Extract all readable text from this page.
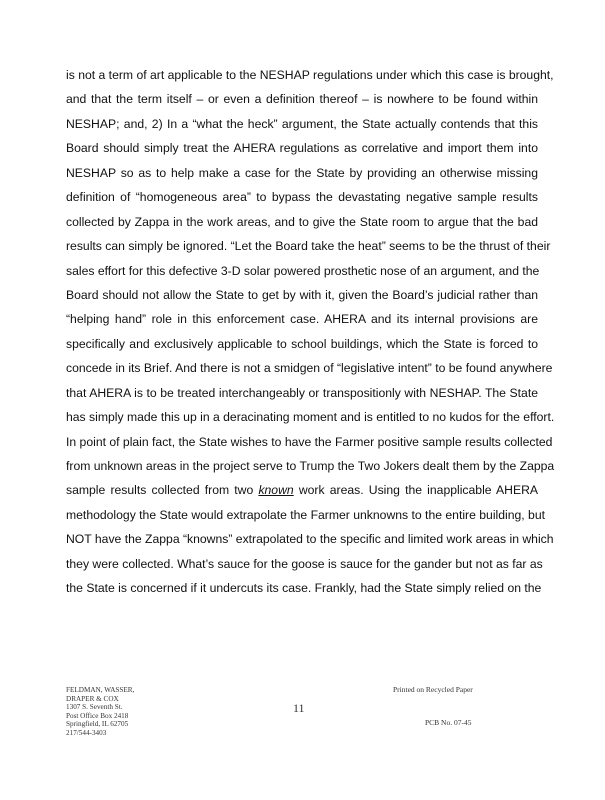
is not a term of art applicable to the NESHAP regulations under which this case is brought,
and that the term itself – or even a definition thereof – is nowhere to be found within
NESHAP; and, 2) In a “what the heck” argument, the State actually contends that this
Board should simply treat the AHERA regulations as correlative and import them into
NESHAP so as to help make a case for the State by providing an otherwise missing
definition of “homogeneous area” to bypass the devastating negative sample results
collected by Zappa in the work areas, and to give the State room to argue that the bad
results can simply be ignored. “Let the Board take the heat” seems to be the thrust of their
sales effort for this defective 3-D solar powered prosthetic nose of an argument, and the
Board should not allow the State to get by with it, given the Board’s judicial rather than
“helping hand” role in this enforcement case. AHERA and its internal provisions are
specifically and exclusively applicable to school buildings, which the State is forced to
concede in its Brief. And there is not a smidgen of “legislative intent” to be found anywhere
that AHERA is to be treated interchangeably or transpositionly with NESHAP. The State
has simply made this up in a deracinating moment and is entitled to no kudos for the effort.
In point of plain fact, the State wishes to have the Farmer positive sample results collected
from unknown areas in the project serve to Trump the Two Jokers dealt them by the Zappa
sample results collected from two known work areas. Using the inapplicable AHERA
methodology the State would extrapolate the Farmer unknowns to the entire building, but
NOT have the Zappa “knowns” extrapolated to the specific and limited work areas in which
they were collected. What’s sauce for the goose is sauce for the gander but not as far as
the State is concerned if it undercuts its case. Frankly, had the State simply relied on the
FELDMAN, WASSER,
DRAPER & COX
1307 S. Seventh St.
Post Office Box 2418
Springfield, IL 62705
217/544-3403
11
Printed on Recycled Paper
PCB No. 07-45
